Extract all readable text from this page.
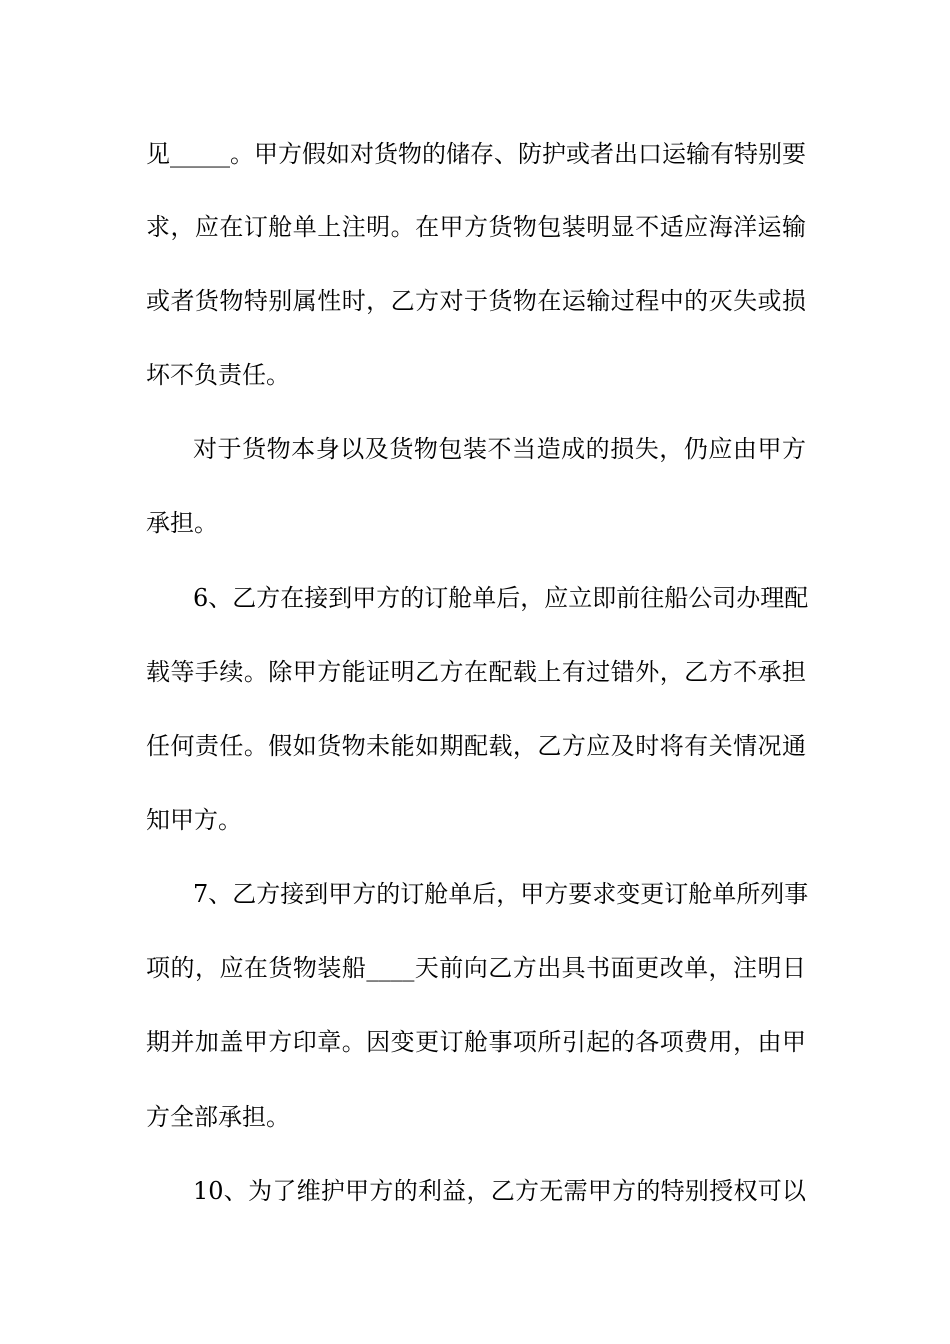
见_____。甲方假如对货物的储存、防护或者出口运输有特别要
求，应在订舱单上注明。在甲方货物包装明显不适应海洋运输
或者货物特别属性时，乙方对于货物在运输过程中的灭失或损
坏不负责任。
对于货物本身以及货物包装不当造成的损失，仍应由甲方
承担。
6、乙方在接到甲方的订舱单后，应立即前往船公司办理配
载等手续。除甲方能证明乙方在配载上有过错外，乙方不承担
任何责任。假如货物未能如期配载，乙方应及时将有关情况通
知甲方。
7、乙方接到甲方的订舱单后，甲方要求变更订舱单所列事
项的，应在货物装船____天前向乙方出具书面更改单，注明日
期并加盖甲方印章。因变更订舱事项所引起的各项费用，由甲
方全部承担。
10、为了维护甲方的利益，乙方无需甲方的特别授权可以
